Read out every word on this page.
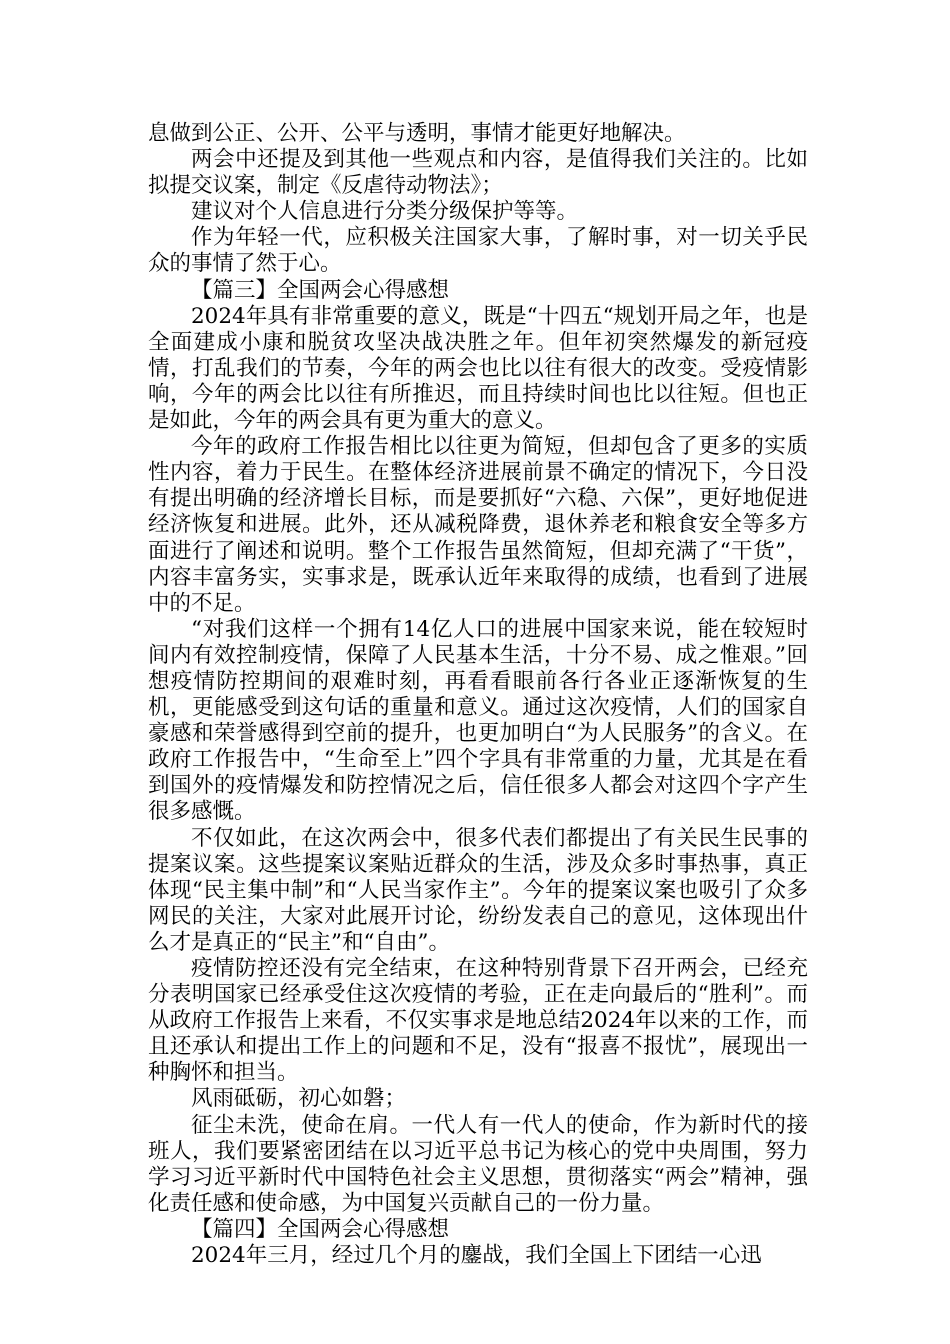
息做到公正、公开、公平与透明，事情才能更好地解决。

两会中还提及到其他一些观点和内容，是值得我们关注的。比如拟提交议案，制定《反虐待动物法》；

建议对个人信息进行分类分级保护等等。

作为年轻一代，应积极关注国家大事，了解时事，对一切关乎民众的事情了然于心。

【篇三】全国两会心得感想

2024年具有非常重要的意义，既是“十四五“规划开局之年，也是全面建成小康和脱贫攻坚决战决胜之年。但年初突然爆发的新冠疫情，打乱我们的节奏，今年的两会也比以往有很大的改变。受疫情影响，今年的两会比以往有所推迟，而且持续时间也比以往短。但也正是如此，今年的两会具有更为重大的意义。

今年的政府工作报告相比以往更为简短，但却包含了更多的实质性内容，着力于民生。在整体经济进展前景不确定的情况下，今日没有提出明确的经济增长目标，而是要抓好“六稳、六保”，更好地促进经济恢复和进展。此外，还从减税降费，退休养老和粮食安全等多方面进行了阐述和说明。整个工作报告虽然简短，但却充满了“干货”，内容丰富务实，实事求是，既承认近年来取得的成绩，也看到了进展中的不足。

“对我们这样一个拥有14亿人口的进展中国家来说，能在较短时间内有效控制疫情，保障了人民基本生活，十分不易、成之惟艰。”回想疫情防控期间的艰难时刻，再看看眼前各行各业正逐渐恢复的生机，更能感受到这句话的重量和意义。通过这次疫情，人们的国家自豪感和荣誉感得到空前的提升，也更加明白“为人民服务”的含义。在政府工作报告中，“生命至上”四个字具有非常重的力量，尤其是在看到国外的疫情爆发和防控情况之后，信任很多人都会对这四个字产生很多感慨。

不仅如此，在这次两会中，很多代表们都提出了有关民生民事的提案议案。这些提案议案贴近群众的生活，涉及众多时事热事，真正体现“民主集中制”和“人民当家作主”。今年的提案议案也吸引了众多网民的关注，大家对此展开讨论，纷纷发表自己的意见，这体现出什么才是真正的“民主”和“自由”。

疫情防控还没有完全结束，在这种特别背景下召开两会，已经充分表明国家已经承受住这次疫情的考验，正在走向最后的“胜利”。而从政府工作报告上来看，不仅实事求是地总结2024年以来的工作，而且还承认和提出工作上的问题和不足，没有“报喜不报忧”，展现出一种胸怀和担当。

风雨砥砺，初心如磐；

征尘未洗，使命在肩。一代人有一代人的使命，作为新时代的接班人，我们要紧密团结在以习近平总书记为核心的党中央周围，努力学习习近平新时代中国特色社会主义思想，贯彻落实“两会”精神，强化责任感和使命感，为中国复兴贡献自己的一份力量。

【篇四】全国两会心得感想

2024年三月，经过几个月的鏖战，我们全国上下团结一心迅
